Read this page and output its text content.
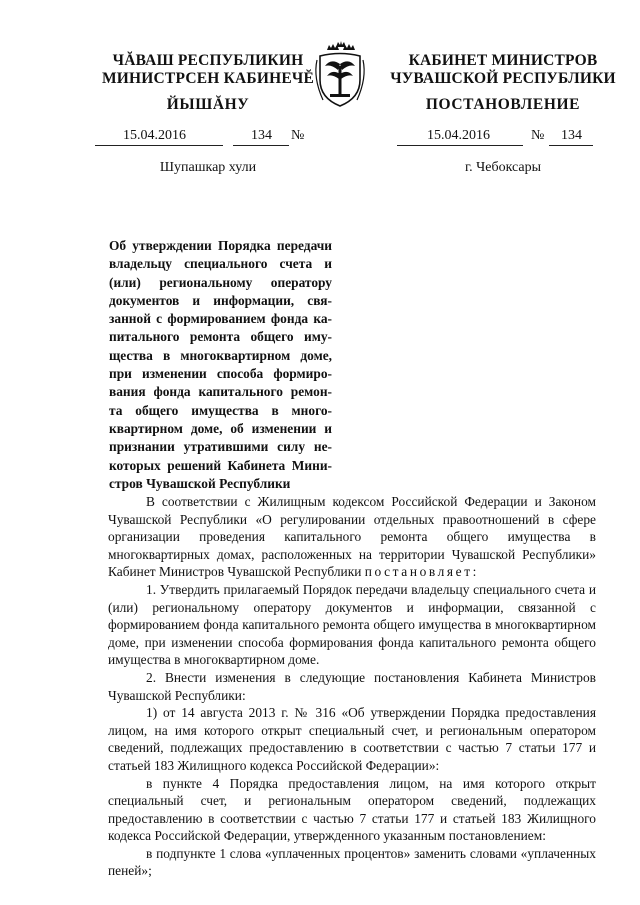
ЧĂВАШ РЕСПУБЛИКИН
МИНИСТРСЕН КАБИНЕЧĔ
ЙЫШĂНУ
КАБИНЕТ МИНИСТРОВ
ЧУВАШСКОЙ РЕСПУБЛИКИ
ПОСТАНОВЛЕНИЕ
15.04.2016	134 №	15.04.2016	№ 134
Шупашкар хули	г. Чебоксары

Об утверждении Порядка передачи

владельцу специального счета и

(или) региональному оператору

документов и информации, свя-

занной с формированием фонда ка-

питального ремонта общего иму-

щества в многоквартирном доме,

при изменении способа формиро-

вания фонда капитального ремон-

та общего имущества в много-

квартирном доме, об изменении и

признании утратившими силу не-

которых решений Кабинета Мини-

стров Чувашской Республики

В соответствии с Жилищным кодексом Российской Федерации и Законом Чувашской Республики «О регулировании отдельных правоотношений в сфере организации проведения капитального ремонта общего имущества в многоквартирных домах, расположенных на территории Чувашской Республики» Кабинет Министров Чувашской Республики постановляет:

1. Утвердить прилагаемый Порядок передачи владельцу специального счета и (или) региональному оператору документов и информации, связанной с формированием фонда капитального ремонта общего имущества в многоквартирном доме, при изменении способа формирования фонда капитального ремонта общего имущества в многоквартирном доме.

2. Внести изменения в следующие постановления Кабинета Министров Чувашской Республики:

1) от 14 августа 2013 г. № 316 «Об утверждении Порядка предоставления лицом, на имя которого открыт специальный счет, и региональным оператором сведений, подлежащих предоставлению в соответствии с частью 7 статьи 177 и статьей 183 Жилищного кодекса Российской Федерации»:

в пункте 4 Порядка предоставления лицом, на имя которого открыт специальный счет, и региональным оператором сведений, подлежащих предоставлению в соответствии с частью 7 статьи 177 и статьей 183 Жилищного кодекса Российской Федерации, утвержденного указанным постановлением:

в подпункте 1 слова «уплаченных процентов» заменить словами «уплаченных пеней»;
